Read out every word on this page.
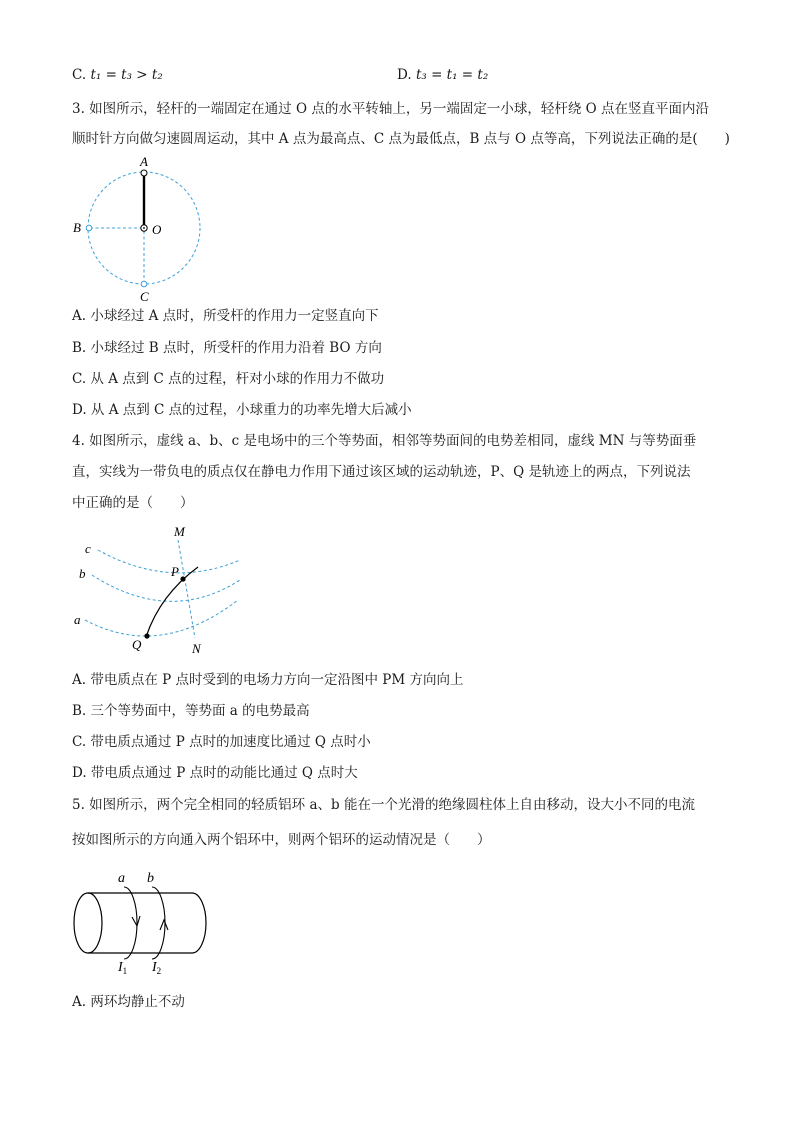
C. t₁ = t₃ > t₂	D. t₃ = t₁ = t₂
3. 如图所示，轻杆的一端固定在通过 O 点的水平转轴上，另一端固定一小球，轻杆绕 O 点在竖直平面内沿
顺时针方向做匀速圆周运动，其中 A 点为最高点、C 点为最低点，B 点与 O 点等高，下列说法正确的是(　　)
A
B	O
C
A. 小球经过 A 点时，所受杆的作用力一定竖直向下
B. 小球经过 B 点时，所受杆的作用力沿着 BO 方向
C. 从 A 点到 C 点的过程，杆对小球的作用力不做功
D. 从 A 点到 C 点的过程，小球重力的功率先增大后减小
4. 如图所示，虚线 a、b、c 是电场中的三个等势面，相邻等势面间的电势差相同，虚线 MN 与等势面垂
直，实线为一带负电的质点仅在静电力作用下通过该区域的运动轨迹，P、Q 是轨迹上的两点，下列说法
中正确的是（　　）
M
N
P
Q
c
b
a
A. 带电质点在 P 点时受到的电场力方向一定沿图中 PM 方向向上
B. 三个等势面中，等势面 a 的电势最高
C. 带电质点通过 P 点时的加速度比通过 Q 点时小
D. 带电质点通过 P 点时的动能比通过 Q 点时大
5. 如图所示，两个完全相同的轻质铝环 a、b 能在一个光滑的绝缘圆柱体上自由移动，设大小不同的电流
按如图所示的方向通入两个铝环中，则两个铝环的运动情况是（　　）
a b
$I_1$ $I_2$
A. 两环均静止不动
